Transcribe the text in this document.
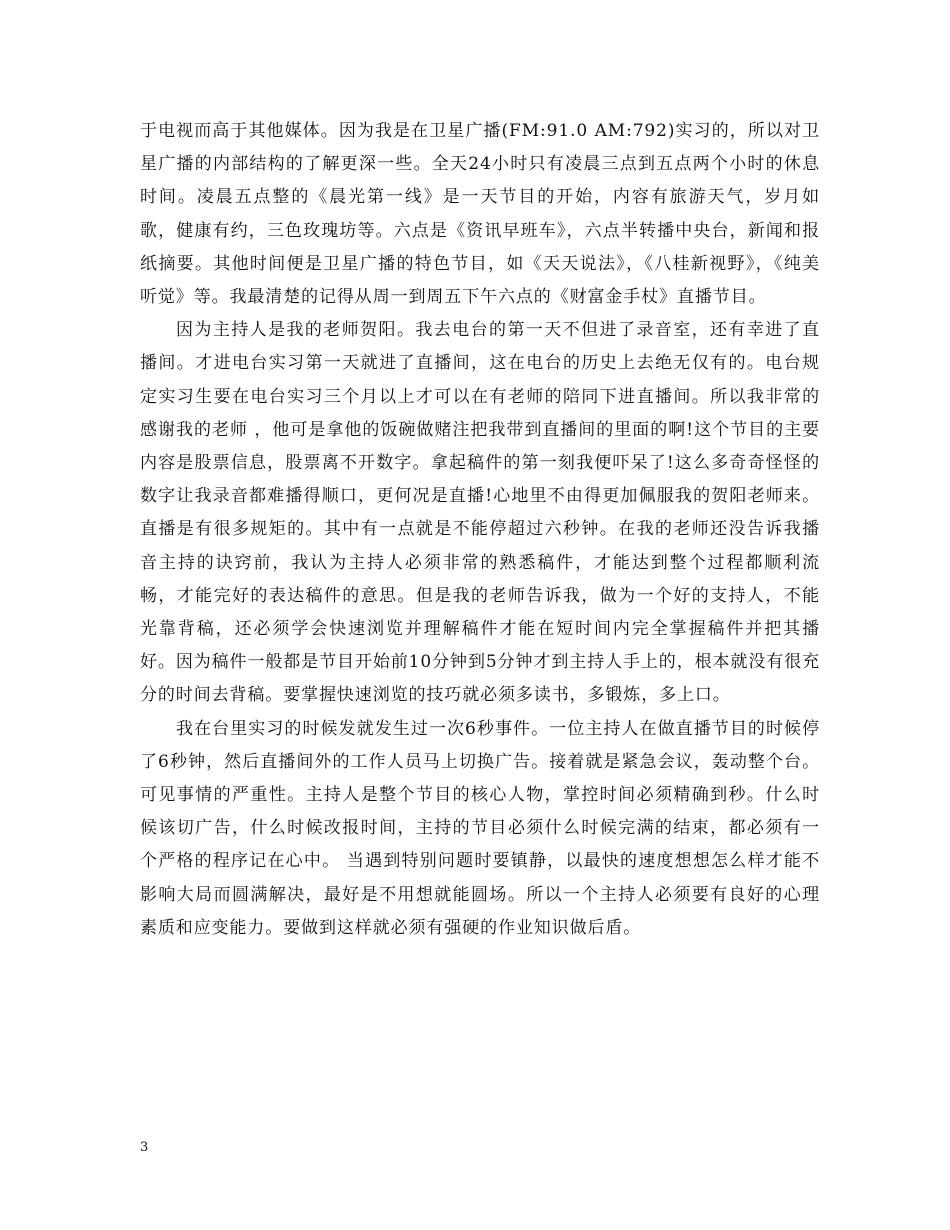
于电视而高于其他媒体。因为我是在卫星广播(FM:91.0 AM:792)实习的，所以对卫星广播的内部结构的了解更深一些。全天24小时只有凌晨三点到五点两个小时的休息时间。凌晨五点整的《晨光第一线》是一天节目的开始，内容有旅游天气，岁月如歌，健康有约，三色玫瑰坊等。六点是《资讯早班车》，六点半转播中央台，新闻和报纸摘要。其他时间便是卫星广播的特色节目，如《天天说法》，《八桂新视野》，《纯美听觉》等。我最清楚的记得从周一到周五下午六点的《财富金手杖》直播节目。

因为主持人是我的老师贺阳。我去电台的第一天不但进了录音室，还有幸进了直播间。才进电台实习第一天就进了直播间，这在电台的历史上去绝无仅有的。电台规定实习生要在电台实习三个月以上才可以在有老师的陪同下进直播间。所以我非常的感谢我的老师 ，他可是拿他的饭碗做赌注把我带到直播间的里面的啊!这个节目的主要内容是股票信息，股票离不开数字。拿起稿件的第一刻我便吓呆了!这么多奇奇怪怪的数字让我录音都难播得顺口，更何况是直播!心地里不由得更加佩服我的贺阳老师来。直播是有很多规矩的。其中有一点就是不能停超过六秒钟。在我的老师还没告诉我播音主持的诀窍前，我认为主持人必须非常的熟悉稿件，才能达到整个过程都顺利流畅，才能完好的表达稿件的意思。但是我的老师告诉我，做为一个好的支持人，不能光靠背稿，还必须学会快速浏览并理解稿件才能在短时间内完全掌握稿件并把其播好。因为稿件一般都是节目开始前10分钟到5分钟才到主持人手上的，根本就没有很充分的时间去背稿。要掌握快速浏览的技巧就必须多读书，多锻炼，多上口。

我在台里实习的时候发就发生过一次6秒事件。一位主持人在做直播节目的时候停了6秒钟，然后直播间外的工作人员马上切换广告。接着就是紧急会议，轰动整个台。可见事情的严重性。主持人是整个节目的核心人物，掌控时间必须精确到秒。什么时候该切广告，什么时候改报时间，主持的节目必须什么时候完满的结束，都必须有一个严格的程序记在心中。 当遇到特别问题时要镇静，以最快的速度想想怎么样才能不影响大局而圆满解决，最好是不用想就能圆场。所以一个主持人必须要有良好的心理素质和应变能力。要做到这样就必须有强硬的作业知识做后盾。

3
